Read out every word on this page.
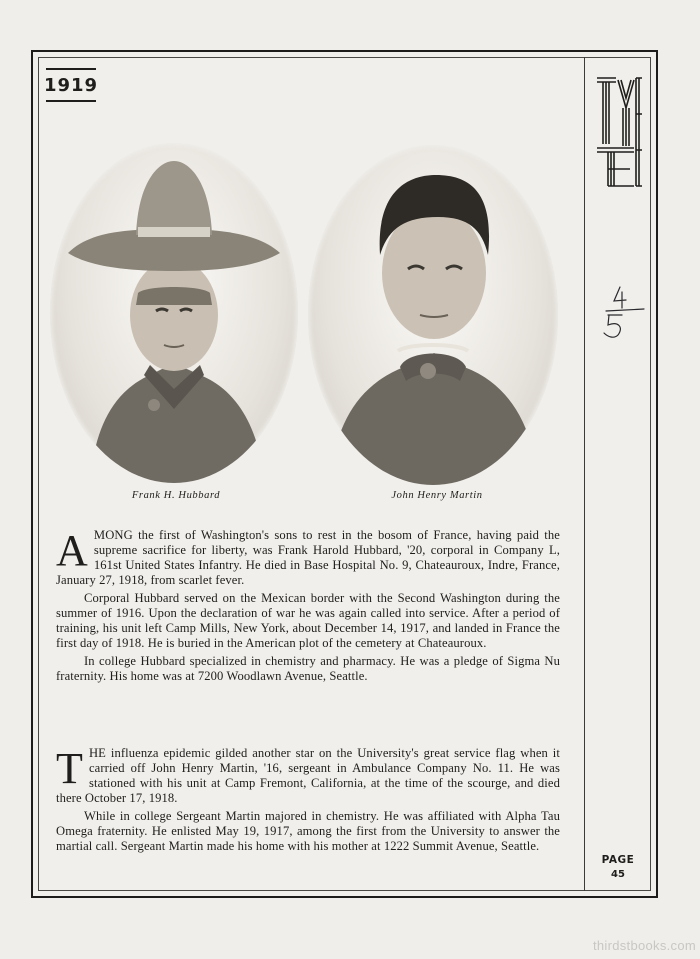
1919
4
Frank H. Hubbard	John Henry Martin

AMONG the first of Washington's sons to rest in the bosom of France, having paid the supreme sacrifice for liberty, was Frank Harold Hubbard, '20, corporal in Company L, 161st United States Infantry. He died in Base Hospital No. 9, Chateauroux, Indre, France, January 27, 1918, from scarlet fever.

Corporal Hubbard served on the Mexican border with the Second Washington during the summer of 1916. Upon the declaration of war he was again called into service. After a period of training, his unit left Camp Mills, New York, about December 14, 1917, and landed in France the first day of 1918. He is buried in the American plot of the cemetery at Chateauroux.

In college Hubbard specialized in chemistry and pharmacy. He was a pledge of Sigma Nu fraternity. His home was at 7200 Woodlawn Avenue, Seattle.

THE influenza epidemic gilded another star on the University's great service flag when it carried off John Henry Martin, '16, sergeant in Ambulance Company No. 11. He was stationed with his unit at Camp Fremont, California, at the time of the scourge, and died there October 17, 1918.

While in college Sergeant Martin majored in chemistry. He was affiliated with Alpha Tau Omega fraternity. He enlisted May 19, 1917, among the first from the University to answer the martial call. Sergeant Martin made his home with his mother at 1222 Summit Avenue, Seattle.

PAGE
45
thirdstbooks.com
